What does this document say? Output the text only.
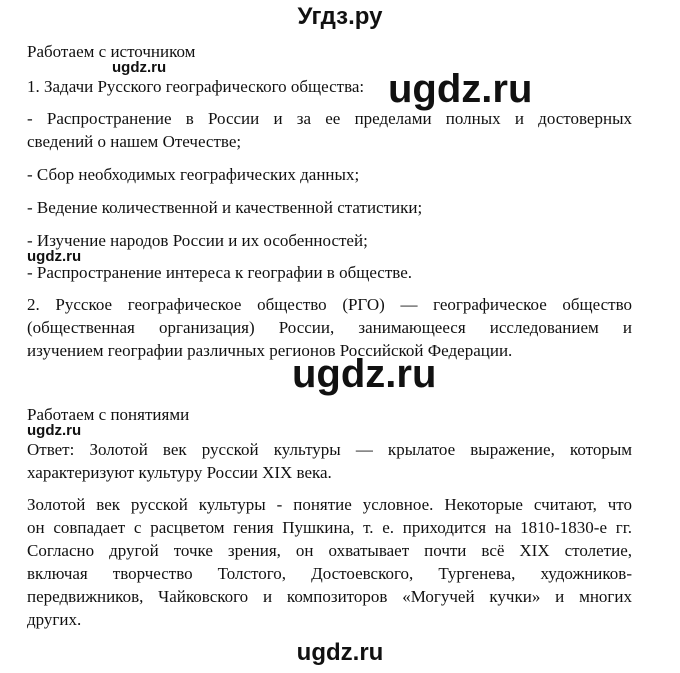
Угдз.ру

Работаем с источником

ugdz.ru

1. Задачи Русского географического общества: ugdz.ru

- Распространение в России и за ее пределами полных и достоверных

сведений о нашем Отечестве;

- Сбор необходимых географических данных;

- Ведение количественной и качественной статистики;

- Изучение народов России и их особенностей;

ugdz.ru

- Распространение интереса к географии в обществе.

2. Русское географическое общество (РГО) — географическое общество

(общественная организация) России, занимающееся исследованием и

изучением географии различных регионов Российской Федерации.

ugdz.ru

Работаем с понятиями

ugdz.ru

Ответ: Золотой век русской культуры — крылатое выражение, которым

характеризуют культуру России XIX века.

Золотой век русской культуры - понятие условное. Некоторые считают, что

он совпадает с расцветом гения Пушкина, т. е. приходится на 1810-1830-е гг.

Согласно другой точке зрения, он охватывает почти всё XIX столетие,

включая творчество Толстого, Достоевского, Тургенева, художников-

передвижников, Чайковского и композиторов «Могучей кучки» и многих

других.

ugdz.ru
